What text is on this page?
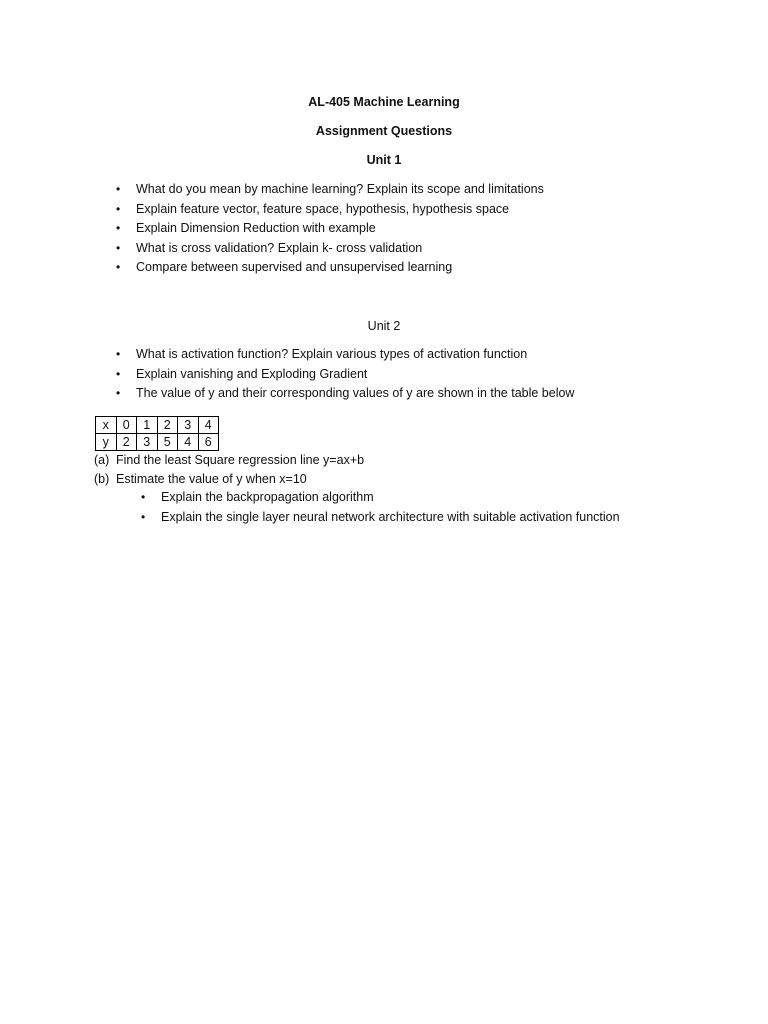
AL-405 Machine Learning
Assignment Questions
Unit 1
• What do you mean by machine learning? Explain its scope and limitations
• Explain feature vector, feature space, hypothesis, hypothesis space
• Explain Dimension Reduction with example
• What is cross validation? Explain k- cross validation
• Compare between supervised and unsupervised learning
Unit 2
• What is activation function? Explain various types of activation function
• Explain vanishing and Exploding Gradient
• The value of y and their corresponding values of y are shown in the table below
x	0	1	2	3	4
y	2	3	5	4	6
(a) Find the least Square regression line y=ax+b
(b) Estimate the value of y when x=10
• Explain the backpropagation algorithm
• Explain the single layer neural network architecture with suitable activation function
